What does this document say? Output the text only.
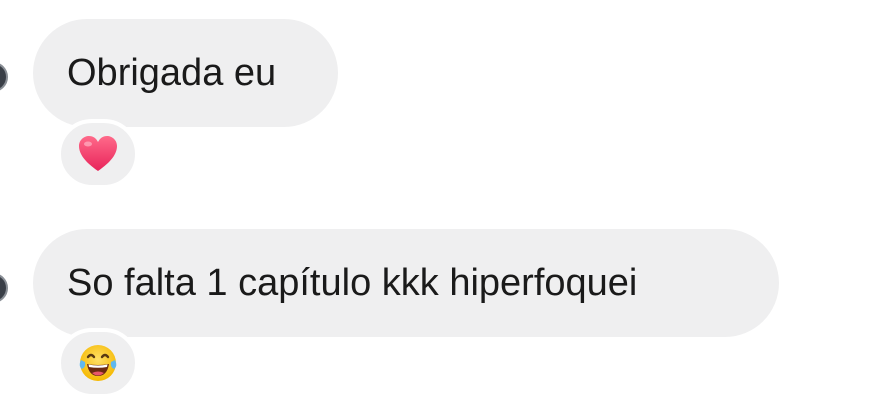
Obrigada eu
So falta 1 capítulo kkk hiperfoquei
